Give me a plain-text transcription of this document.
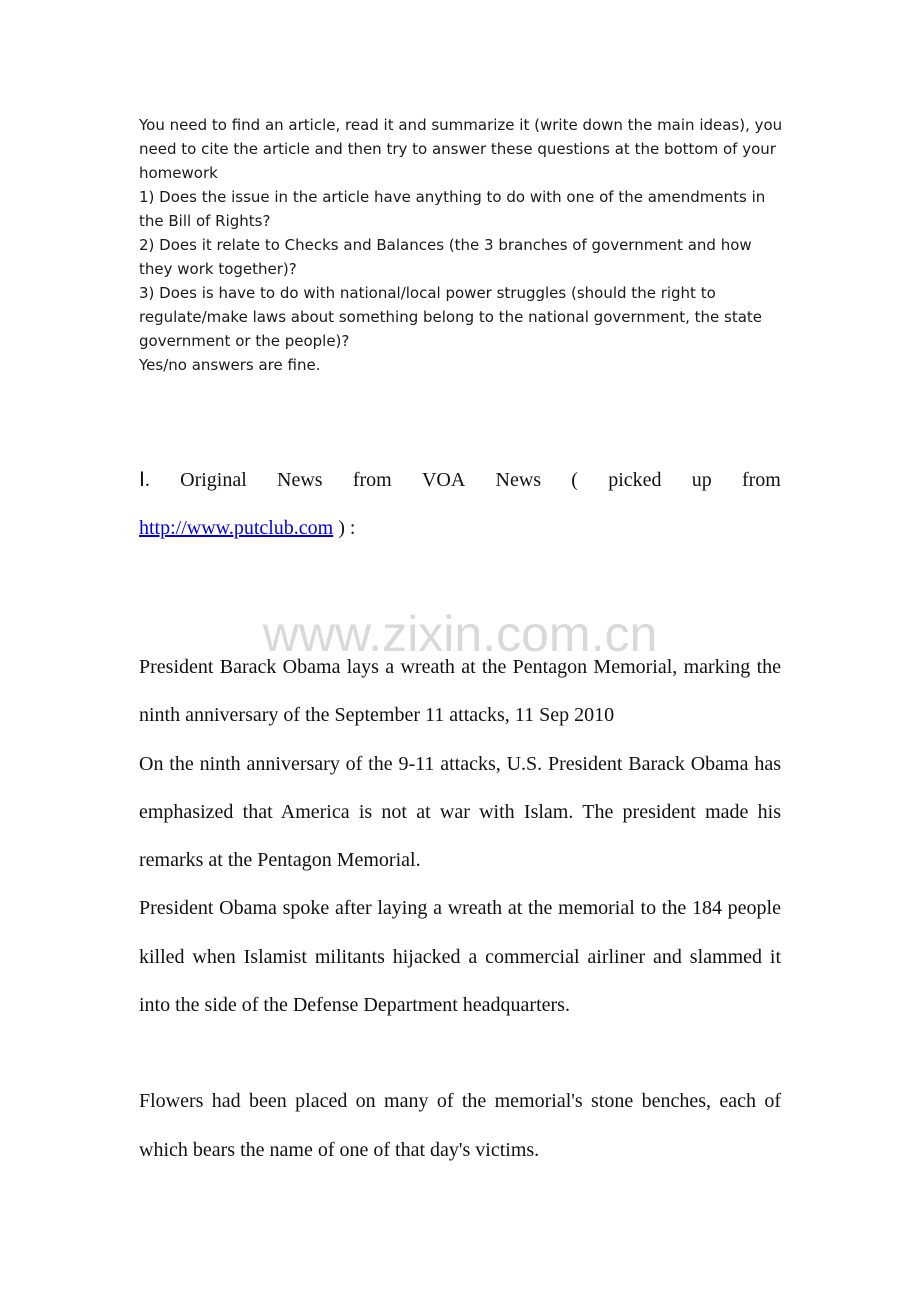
You need to find an article, read it and summarize it (write down the main ideas), you need to cite the article and then try to answer these questions at the bottom of your homework

1) Does the issue in the article have anything to do with one of the amendments in the Bill of Rights?

2) Does it relate to Checks and Balances (the 3 branches of government and how they work together)?

3) Does is have to do with national/local power struggles (should the right to regulate/make laws about something belong to the national government, the state government or the people)?

Yes/no answers are fine.

Ⅰ. Original News from VOA News ( picked up from
http://www.putclub.com ) :
www.zixin.com.cn

President Barack Obama lays a wreath at the Pentagon Memorial, marking the ninth anniversary of the September 11 attacks, 11 Sep 2010

On the ninth anniversary of the 9-11 attacks, U.S. President Barack Obama has emphasized that America is not at war with Islam. The president made his remarks at the Pentagon Memorial.

President Obama spoke after laying a wreath at the memorial to the 184 people killed when Islamist militants hijacked a commercial airliner and slammed it into the side of the Defense Department headquarters.

Flowers had been placed on many of the memorial's stone benches, each of which bears the name of one of that day's victims.
